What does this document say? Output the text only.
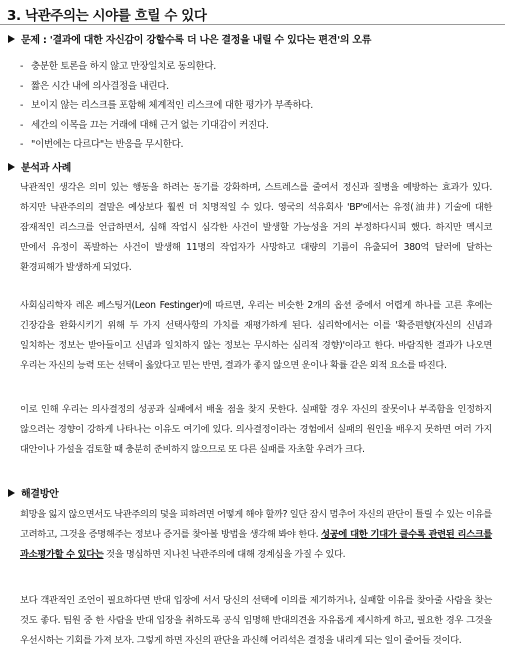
3. 낙관주의는 시야를 흐릴 수 있다
문제 : '결과에 대한 자신감이 강할수록 더 나은 결정을 내릴 수 있다는 편견'의 오류
- 충분한 토론을 하지 않고 만장일치로 동의한다.
- 짧은 시간 내에 의사결정을 내린다.
- 보이지 않는 리스크를 포함해 체계적인 리스크에 대한 평가가 부족하다.
- 세간의 이목을 끄는 거래에 대해 근거 없는 기대감이 커진다.
- "이번에는 다르다"는 반응을 무시한다.
분석과 사례

낙관적인 생각은 의미 있는 행동을 하려는 동기를 강화하며, 스트레스를 줄여서 정신과 질병을 예방하는 효과가 있다. 하지만 낙관주의의 결말은 예상보다 훨씬 더 치명적일 수 있다. 영국의 석유회사 'BP'에서는 유정(油井) 기술에 대한 잠재적인 리스크를 언급하면서, 심해 작업시 심각한 사건이 발생할 가능성을 거의 부정하다시피 했다. 하지만 멕시코 만에서 유정이 폭발하는 사건이 발생해 11명의 작업자가 사망하고 대량의 기름이 유출되어 380억 달러에 달하는 환경피해가 발생하게 되었다.

사회심리학자 레온 페스팅거(Leon Festinger)에 따르면, 우리는 비슷한 2개의 옵션 중에서 어렵게 하나를 고른 후에는 긴장감을 완화시키기 위해 두 가지 선택사항의 가치를 재평가하게 된다. 심리학에서는 이를 '확증편향(자신의 신념과 일치하는 정보는 받아들이고 신념과 일치하지 않는 정보는 무시하는 심리적 경향)'이라고 한다. 바람직한 결과가 나오면 우리는 자신의 능력 또는 선택이 옳았다고 믿는 반면, 결과가 좋지 않으면 운이나 확률 같은 외적 요소를 따진다.

이로 인해 우리는 의사결정의 성공과 실패에서 배울 점을 찾지 못한다. 실패할 경우 자신의 잘못이나 부족함을 인정하지 않으려는 경향이 강하게 나타나는 이유도 여기에 있다. 의사결정이라는 경험에서 실패의 원인을 배우지 못하면 여러 가지 대안이나 가설을 검토할 때 충분히 준비하지 않으므로 또 다른 실패를 자초할 우려가 크다.

해결방안

희망을 잃지 않으면서도 낙관주의의 덫을 피하려면 어떻게 해야 할까? 일단 잠시 멈추어 자신의 판단이 틀릴 수 있는 이유를 고려하고, 그것을 증명해주는 정보나 증거를 찾아볼 방법을 생각해 봐야 한다. 성공에 대한 기대가 클수록 관련된 리스크를 과소평가할 수 있다는 것을 명심하면 지나친 낙관주의에 대해 경계심을 가질 수 있다.

보다 객관적인 조언이 필요하다면 반대 입장에 서서 당신의 선택에 이의를 제기하거나, 실패할 이유를 찾아줄 사람을 찾는 것도 좋다. 팀원 중 한 사람을 반대 입장을 취하도록 공식 임명해 반대의견을 자유롭게 제시하게 하고, 필요한 경우 그것을 우선시하는 기회를 가져 보자. 그렇게 하면 자신의 판단을 과신해 어리석은 결정을 내리게 되는 일이 줄어들 것이다.
